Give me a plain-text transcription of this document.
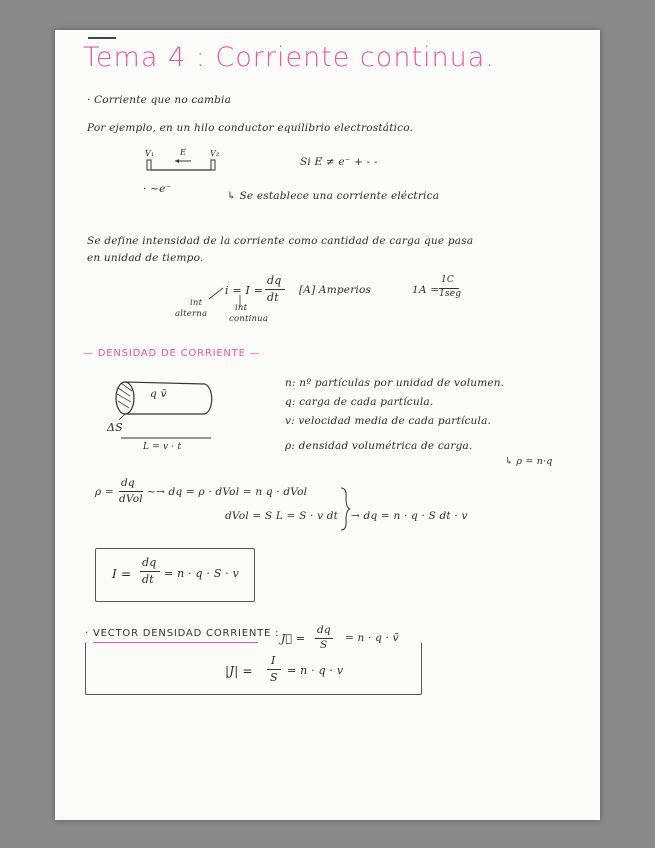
Tema 4 : Corriente continua.
· Corriente que no cambia
Por ejemplo, en un hilo conductor equilibrio electrostático.
V₁	V₂
E
Si E ≠ e⁻ + - -
· ~e⁻
↳ Se establece una corriente eléctrica
Se define intensidad de la corriente como cantidad de carga que pasa
en unidad de tiempo.
i = I =
dq
dt
[A] Amperios	1A =
1C
1seg
int
alterna
int
continua
— DENSIDAD DE CORRIENTE —
q v̄
ΔS
L = v · t
n: nº partículas por unidad de volumen.
q: carga de cada partícula.
v: velocidad media de cada partícula.
ρ: densidad volumétrica de carga.
↳ ρ = n·q
ρ =
dq
dVol
~→ dq = ρ · dVol = n q · dVol
dVol = S L = S · v dt → dq = n · q · S dt · v
I =
dq
dt = n · q · S · v
· VECTOR DENSIDAD CORRIENTE : J⃗ =
dq
S
= n · q · v̄
|J| =
I
S
= n · q · v
